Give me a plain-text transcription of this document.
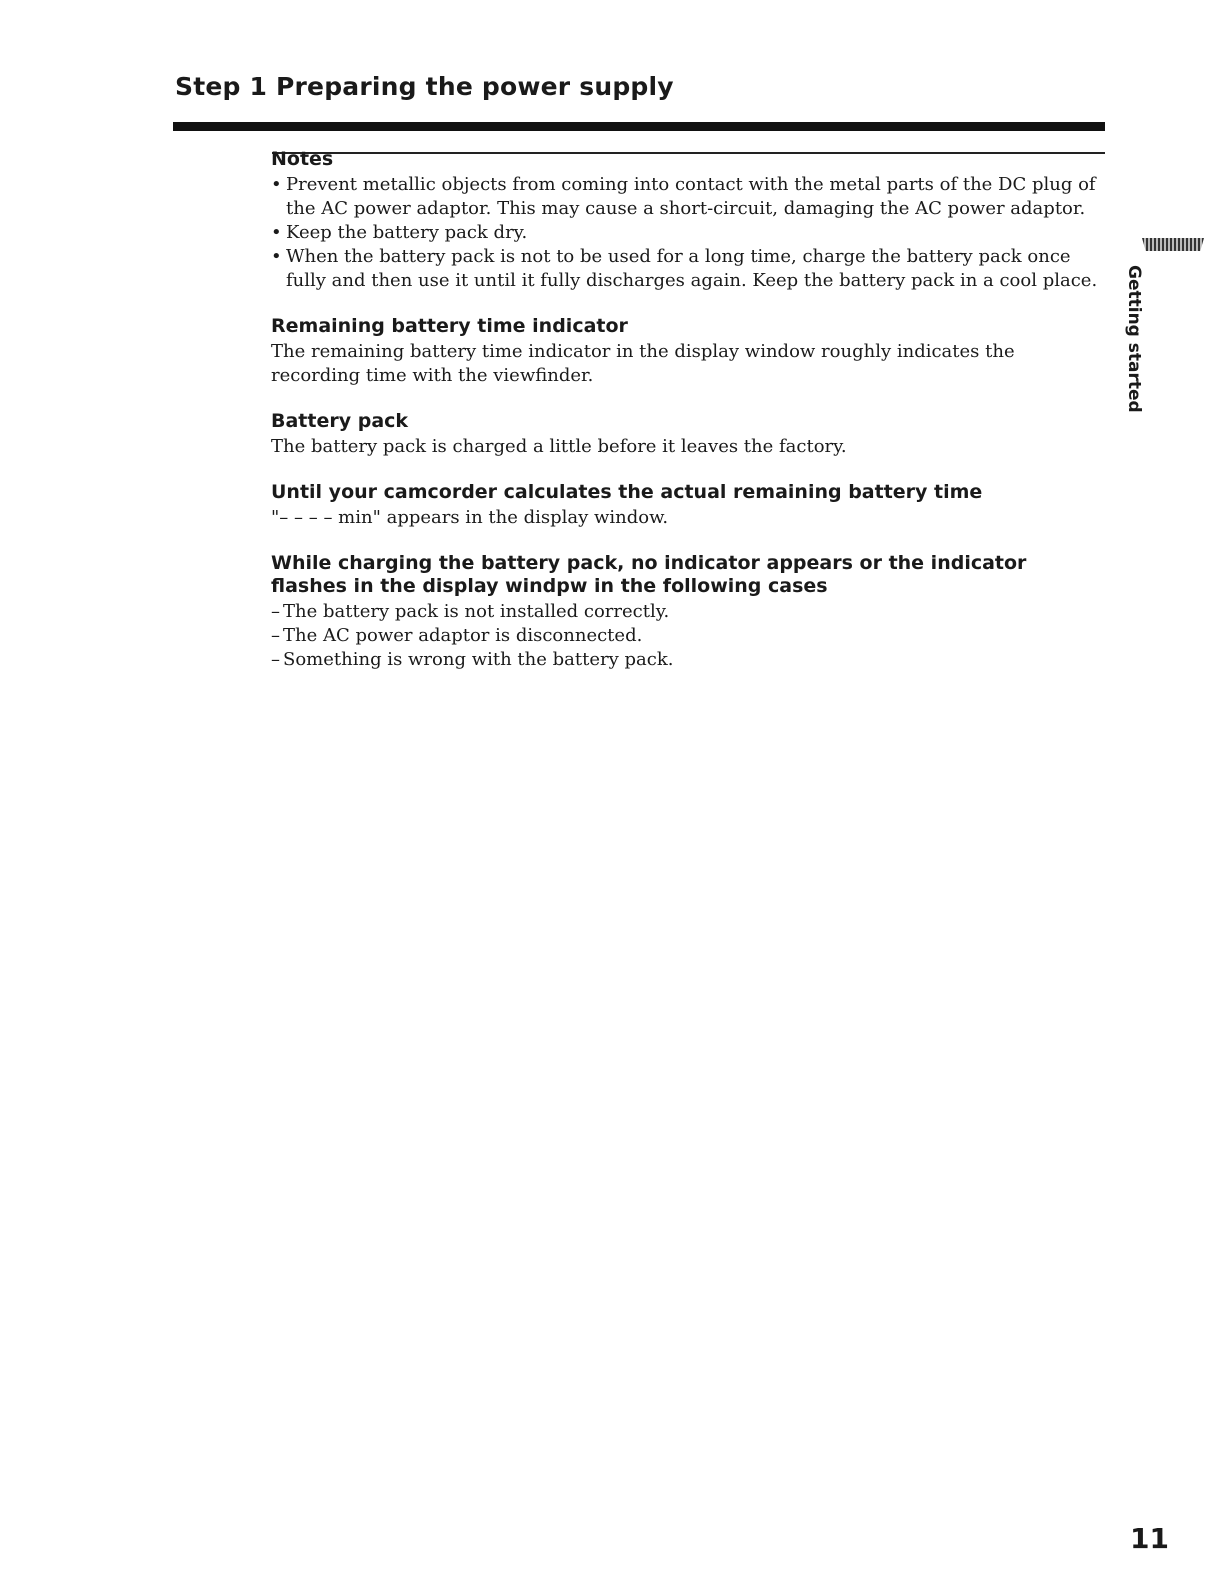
Step 1 Preparing the power supply
Notes
• Prevent metallic objects from coming into contact with the metal parts of the DC plug of the AC power adaptor. This may cause a short-circuit, damaging the AC power adaptor.
• Keep the battery pack dry.
• When the battery pack is not to be used for a long time, charge the battery pack once fully and then use it until it fully discharges again. Keep the battery pack in a cool place.
Remaining battery time indicator

The remaining battery time indicator in the display window roughly indicates the recording time with the viewfinder.

Battery pack

The battery pack is charged a little before it leaves the factory.

Until your camcorder calculates the actual remaining battery time

"– – – – min" appears in the display window.

While charging the battery pack, no indicator appears or the indicator flashes in the display windpw in the following cases
– The battery pack is not installed correctly.
– The AC power adaptor is disconnected.
– Something is wrong with the battery pack.
Getting started
11
